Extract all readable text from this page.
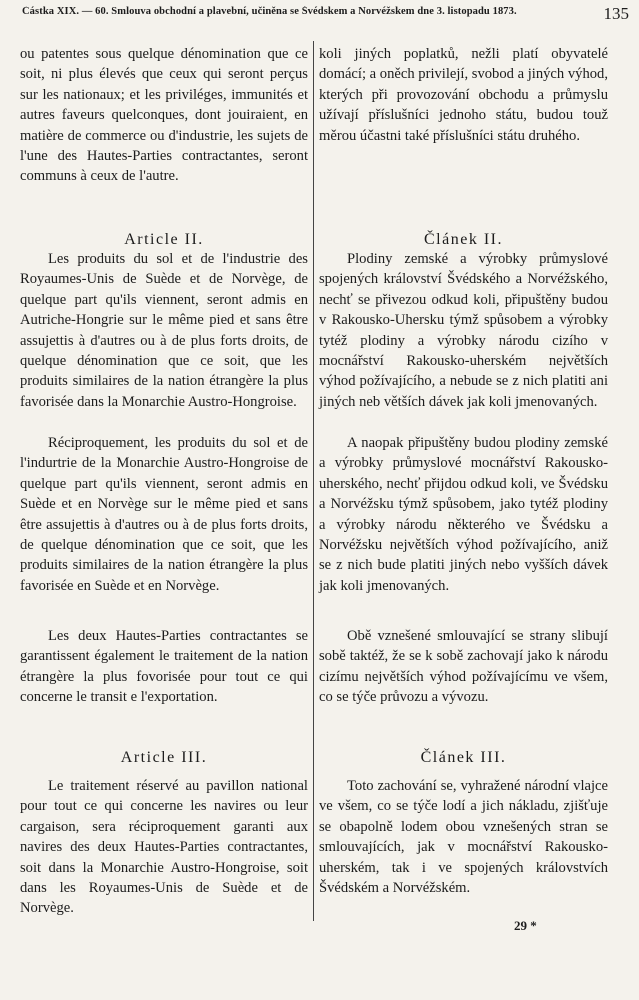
Částka XIX. — 60. Smlouva obchodní a plavební, učiněna se Švédskem a Norvéžskem dne 3. listopadu 1873.	135

ou patentes sous quelque dénomination que ce soit, ni plus élevés que ceux qui seront perçus sur les nationaux; et les priviléges, immunités et autres faveurs quelconques, dont jouiraient, en matière de commerce ou d'industrie, les sujets de l'une des Hautes-Parties contractantes, seront communs à ceux de l'autre.

Article II.

Les produits du sol et de l'industrie des Royaumes-Unis de Suède et de Norvège, de quelque part qu'ils viennent, seront admis en Autriche-Hongrie sur le même pied et sans être assujettis à d'autres ou à de plus forts droits, de quelque dénomination que ce soit, que les produits similaires de la nation étrangère la plus favorisée dans la Monarchie Austro-Hongroise.

Réciproquement, les produits du sol et de l'indurtrie de la Monarchie Austro-Hongroise de quelque part qu'ils viennent, seront admis en Suède et en Norvège sur le même pied et sans être assujettis à d'autres ou à de plus forts droits, de quelque dénomination que ce soit, que les produits similaires de la nation étrangère la plus favorisée en Suède et en Norvège.

Les deux Hautes-Parties contractantes se garantissent également le traitement de la nation étrangère la plus fovorisée pour tout ce qui concerne le transit e l'exportation.

Article III.

Le traitement réservé au pavillon national pour tout ce qui concerne les navires ou leur cargaison, sera réciproquement garanti aux navires des deux Hautes-Parties contractantes, soit dans la Monarchie Austro-Hongroise, soit dans les Royaumes-Unis de Suède et de Norvège.

koli jiných poplatků, nežli platí obyvatelé domácí; a oněch privilejí, svobod a jiných výhod, kterých při provozování obchodu a průmyslu užívají příslušníci jednoho státu, budou touž měrou účastni také příslušníci státu druhého.

Článek II.

Plodiny zemské a výrobky průmyslové spojených království Švédského a Norvéžského, nechť se přivezou odkud koli, připuštěny budou v Rakousko-Uhersku týmž spůsobem a výrobky tytéž plodiny a výrobky národu cizího v mocnářství Rakousko-uherském největších výhod požívajícího, a nebude se z nich platiti ani jiných neb větších dávek jak koli jmenovaných.

A naopak připuštěny budou plodiny zemské a výrobky průmyslové mocnářství Rakousko-uherského, nechť přijdou odkud koli, ve Švédsku a Norvéžsku týmž spůsobem, jako tytéž plodiny a výrobky národu některého ve Švédsku a Norvéžsku největších výhod požívajícího, aniž se z nich bude platiti jiných nebo vyšších dávek jak koli jmenovaných.

Obě vznešené smlouvající se strany slibují sobě taktéž, že se k sobě zachovají jako k národu cizímu největších výhod požívajícímu ve všem, co se týče průvozu a vývozu.

Článek III.

Toto zachování se, vyhražené národní vlajce ve všem, co se týče lodí a jich nákladu, zjišťuje se obapolně lodem obou vznešených stran se smlouvajících, jak v mocnářství Rakousko-uherském, tak i ve spojených královstvích Švédském a Norvéžském.

29 *
